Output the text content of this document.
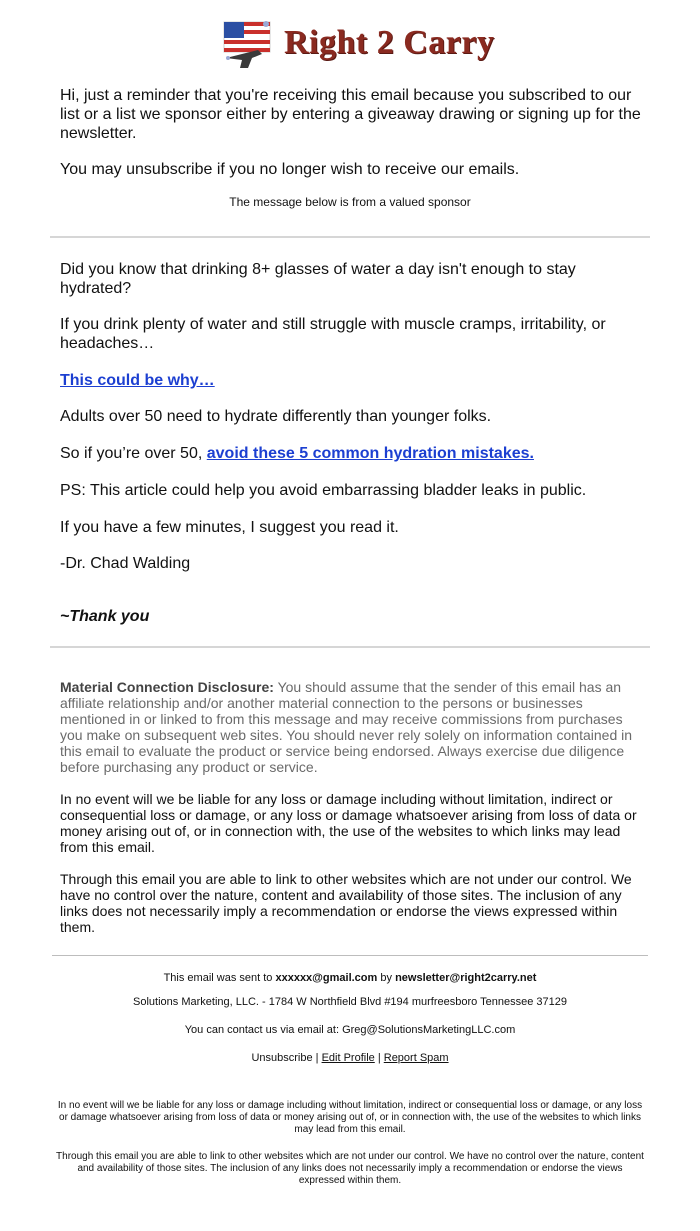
Right 2 Carry
Hi, just a reminder that you're receiving this email because you subscribed to our list or a list we sponsor either by entering a giveaway drawing or signing up for the newsletter.
You may unsubscribe if you no longer wish to receive our emails.
The message below is from a valued sponsor
Did you know that drinking 8+ glasses of water a day isn't enough to stay hydrated?
If you drink plenty of water and still struggle with muscle cramps, irritability, or headaches…
This could be why…
Adults over 50 need to hydrate differently than younger folks.
So if you’re over 50, avoid these 5 common hydration mistakes.
PS: This article could help you avoid embarrassing bladder leaks in public.
If you have a few minutes, I suggest you read it.
-Dr. Chad Walding
~Thank you
Material Connection Disclosure: You should assume that the sender of this email has an affiliate relationship and/or another material connection to the persons or businesses mentioned in or linked to from this message and may receive commissions from purchases you make on subsequent web sites. You should never rely solely on information contained in this email to evaluate the product or service being endorsed. Always exercise due diligence before purchasing any product or service.
In no event will we be liable for any loss or damage including without limitation, indirect or consequential loss or damage, or any loss or damage whatsoever arising from loss of data or money arising out of, or in connection with, the use of the websites to which links may lead from this email.
Through this email you are able to link to other websites which are not under our control. We have no control over the nature, content and availability of those sites. The inclusion of any links does not necessarily imply a recommendation or endorse the views expressed within them.
This email was sent to xxxxxx@gmail.com by newsletter@right2carry.net
Solutions Marketing, LLC. - 1784 W Northfield Blvd #194 murfreesboro Tennessee 37129
You can contact us via email at: Greg@SolutionsMarketingLLC.com
Unsubscribe | Edit Profile | Report Spam
In no event will we be liable for any loss or damage including without limitation, indirect or consequential loss or damage, or any loss or damage whatsoever arising from loss of data or money arising out of, or in connection with, the use of the websites to which links may lead from this email.
Through this email you are able to link to other websites which are not under our control. We have no control over the nature, content and availability of those sites. The inclusion of any links does not necessarily imply a recommendation or endorse the views expressed within them.
